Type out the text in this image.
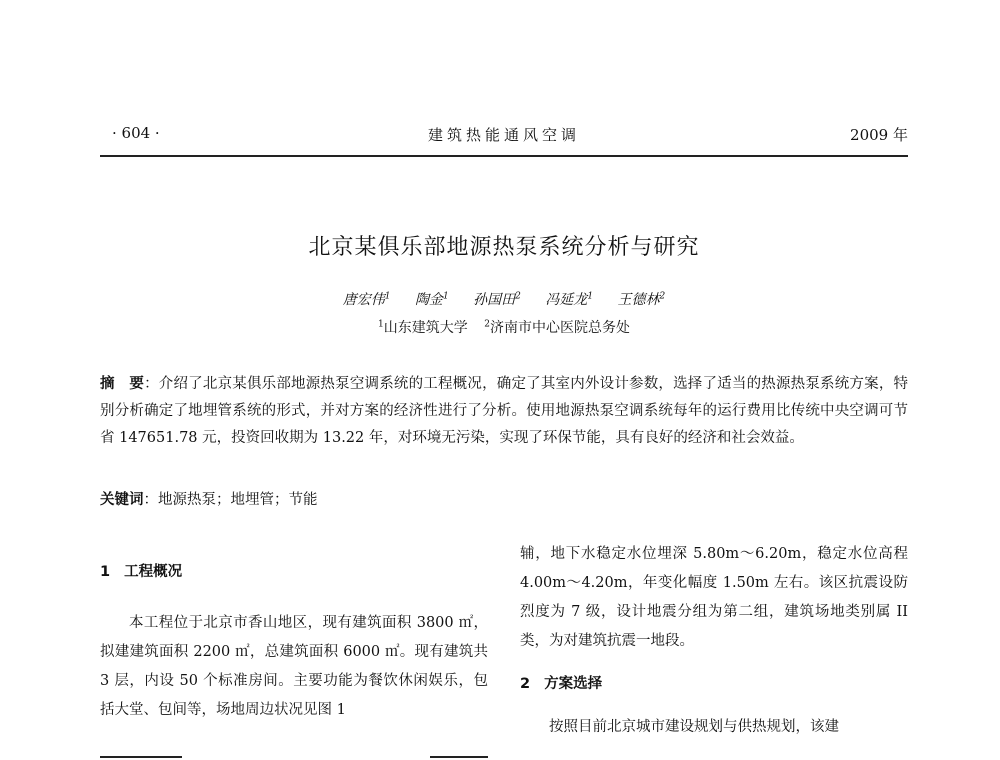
· 604 ·	建筑热能通风空调	2009 年
北京某俱乐部地源热泵系统分析与研究
唐宏伟$^1$ 陶金$^1$ 孙国田$^2$ 冯延龙$^1$ 王德林$^2$
$^1$山东建筑大学 $^2$济南市中心医院总务处
摘　要：介绍了北京某俱乐部地源热泵空调系统的工程概况，确定了其室内外设计参数，选择了适当的热源热泵系统方案，特别分析确定了地埋管系统的形式，并对方案的经济性进行了分析。使用地源热泵空调系统每年的运行费用比传统中央空调可节省 147651.78 元，投资回收期为 13.22 年，对环境无污染，实现了环保节能，具有良好的经济和社会效益。
关键词：地源热泵；地埋管；节能

1 工程概况

本工程位于北京市香山地区，现有建筑面积 3800 ㎡，拟建建筑面积 2200 ㎡，总建筑面积 6000 ㎡。现有建筑共 3 层，内设 50 个标准房间。主要功能为餐饮休闲娱乐，包括大堂、包间等，场地周边状况见图 1

辅，地下水稳定水位埋深 5.80m～6.20m，稳定水位高程 4.00m～4.20m，年变化幅度 1.50m 左右。该区抗震设防烈度为 7 级，设计地震分组为第二组，建筑场地类别属 II 类，为对建筑抗震一地段。

2 方案选择

按照目前北京城市建设规划与供热规划，该建
